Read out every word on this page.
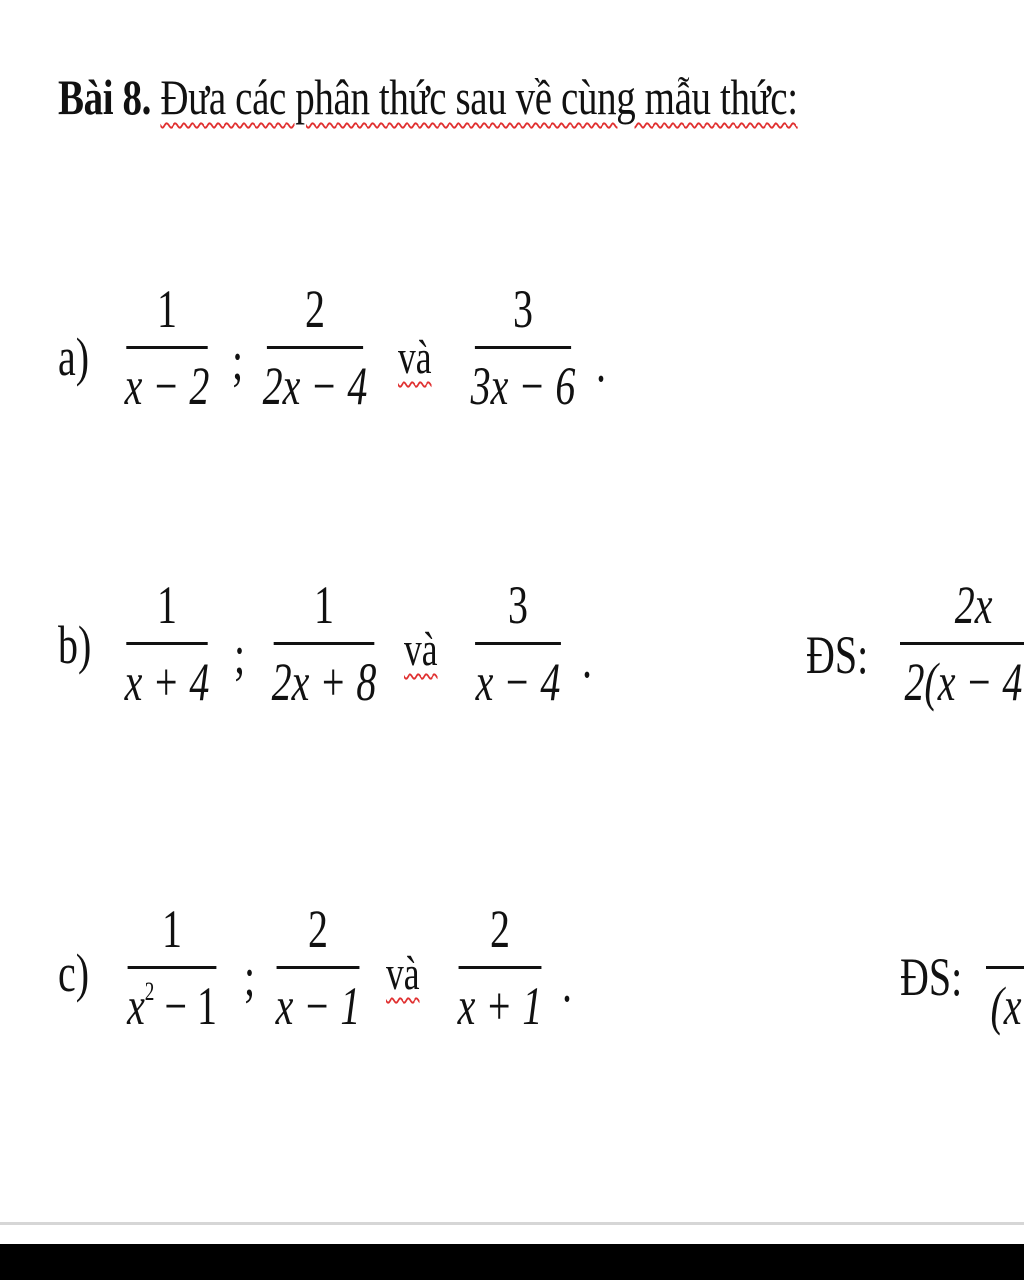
Bài 8. Đưa các phân thức sau về cùng mẫu thức:
a)
1
x − 2 ;
2
2x − 4 và
3
3x − 6 .
b)
1
x + 4 ;
1
2x + 8
và
3
x − 4 .	ĐS:
2x
2(x − 4
c)
1
$x^2 - 1$ ;
2
x − 1
và
2
x + 1 .	ĐS:
(x
